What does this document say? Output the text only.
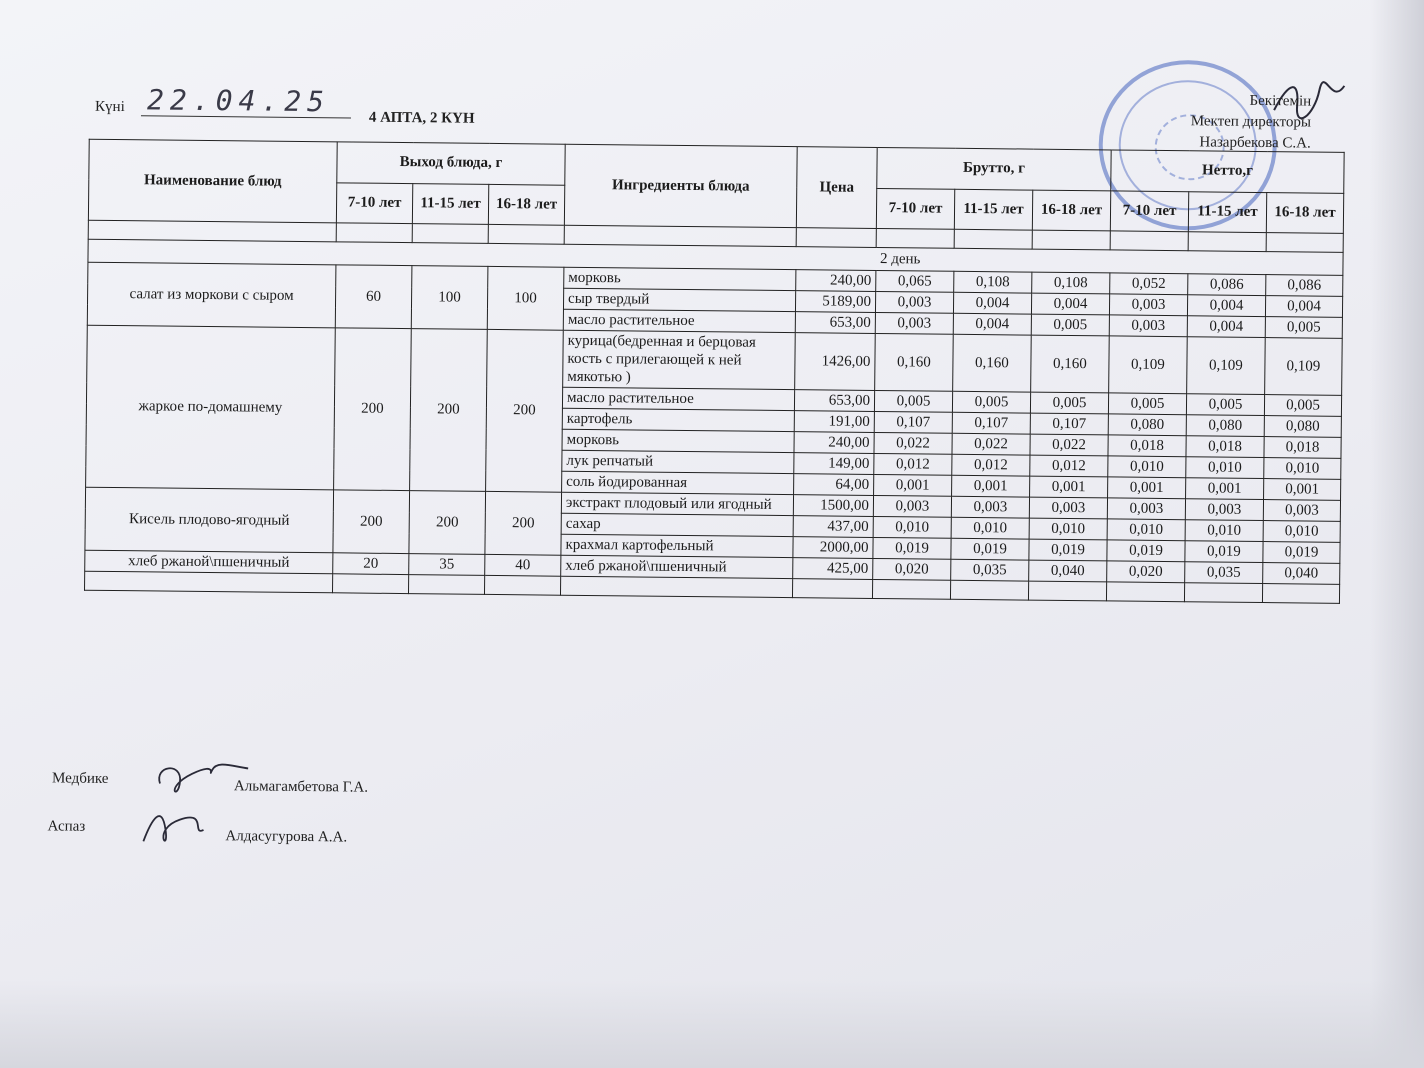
Күні 22.04.25	4 АПТА, 2 КҮН
Бекітемін
Мектеп директоры
Назарбекова С.А.
Наименование блюд	Выход блюда, г			Ингредиенты блюда	Цена	Брутто, г			Нетто,г		
	7-10 лет	11-15 лет	16-18 лет			7-10 лет	11-15 лет	16-18 лет	7-10 лет	11-15 лет	16-18 лет

						2 день					
салат из моркови с сыром	60	100	100	морковь	240,00	0,065	0,108	0,108	0,052	0,086	0,086
				сыр твердый	5189,00	0,003	0,004	0,004	0,003	0,004	0,004
				масло растительное	653,00	0,003	0,004	0,005	0,003	0,004	0,005
жаркое по-домашнему	200	200	200	курица(бедренная и берцовая кость с прилегающей к ней мякотью )	1426,00	0,160	0,160	0,160	0,109	0,109	0,109
				масло растительное	653,00	0,005	0,005	0,005	0,005	0,005	0,005
				картофель	191,00	0,107	0,107	0,107	0,080	0,080	0,080
				морковь	240,00	0,022	0,022	0,022	0,018	0,018	0,018
				лук репчатый	149,00	0,012	0,012	0,012	0,010	0,010	0,010
				соль йодированная	64,00	0,001	0,001	0,001	0,001	0,001	0,001
Кисель плодово-ягодный	200	200	200	экстракт плодовый или ягодный	1500,00	0,003	0,003	0,003	0,003	0,003	0,003
				сахар	437,00	0,010	0,010	0,010	0,010	0,010	0,010
				крахмал картофельный	2000,00	0,019	0,019	0,019	0,019	0,019	0,019
хлеб ржаной\пшеничный	20	35	40	хлеб ржаной\пшеничный	425,00	0,020	0,035	0,040	0,020	0,035	0,040

Медбике	Альмагамбетова Г.А.
Аспаз
Алдасугурова А.А.
